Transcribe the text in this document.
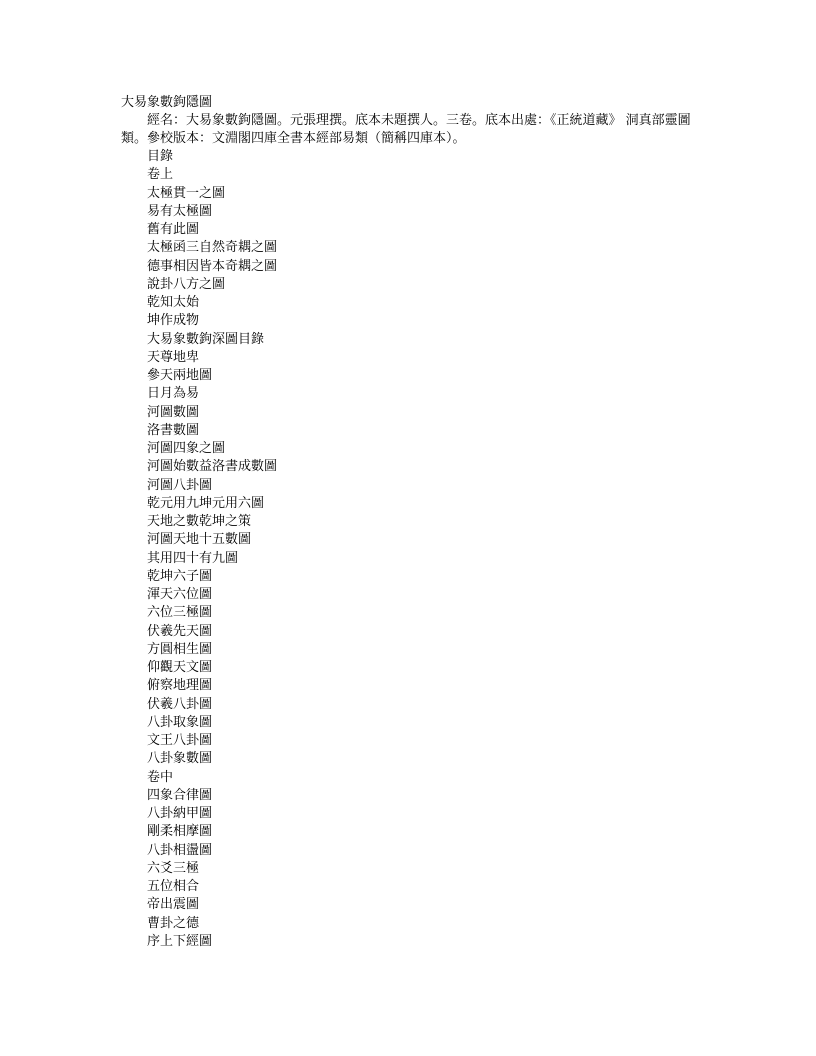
大易象數鉤隱圖

經名：大易象數鉤隱圖。元張理撰。底本未題撰人。三卷。底本出處：《正統道藏》 洞真部靈圖類。參校版本：文淵閣四庫全書本經部易類（簡稱四庫本）。

目錄
卷上
太極貫一之圖
易有太極圖
舊有此圖
太極函三自然奇耦之圖
德事相因皆本奇耦之圖
說卦八方之圖
乾知太始
坤作成物
大易象數鉤深圖目錄
天尊地卑
參天兩地圖
日月為易
河圖數圖
洛書數圖
河圖四象之圖
河圖始數益洛書成數圖
河圖八卦圖
乾元用九坤元用六圖
天地之數乾坤之策
河圖天地十五數圖
其用四十有九圖
乾坤六子圖
渾天六位圖
六位三極圖
伏羲先天圖
方圓相生圖
仰觀天文圖
俯察地理圖
伏羲八卦圖
八卦取象圖
文王八卦圖
八卦象數圖
卷中
四象合律圖
八卦納甲圖
剛柔相摩圖
八卦相盪圖
六爻三極
五位相合
帝出震圖
曹卦之德
序上下經圖
